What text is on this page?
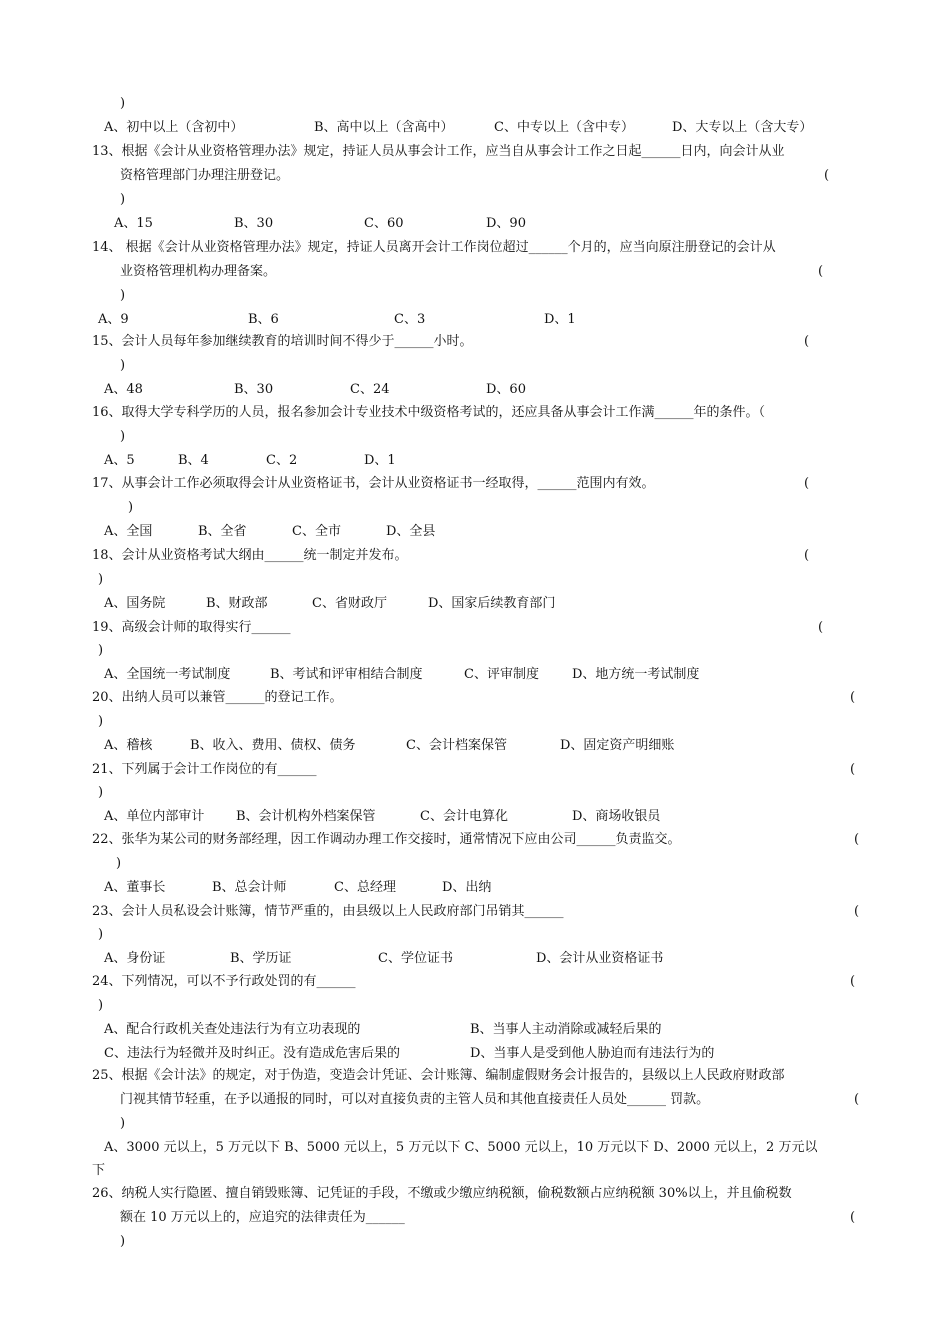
)
A、初中以上（含初中）	B、高中以上（含高中）	C、中专以上（含中专）	D、大专以上（含大专）
13、根据《会计从业资格管理办法》规定，持证人员从事会计工作，应当自从事会计工作之日起______日内，向会计从业
资格管理部门办理注册登记。	(
)
A、15	B、30	C、60	D、90
14、 根据《会计从业资格管理办法》规定，持证人员离开会计工作岗位超过______个月的，应当向原注册登记的会计从
业资格管理机构办理备案。	(
)
A、9	B、6	C、3	D、1
15、会计人员每年参加继续教育的培训时间不得少于______小时。	(
)
A、48	B、30	C、24	D、60
16、取得大学专科学历的人员，报名参加会计专业技术中级资格考试的，还应具备从事会计工作满______年的条件。（
)
A、5	B、4	C、2	D、1
17、从事会计工作必须取得会计从业资格证书，会计从业资格证书一经取得，______范围内有效。	(
)
A、全国	B、全省	C、全市	D、全县
18、会计从业资格考试大纲由______统一制定并发布。	(
)
A、国务院	B、财政部	C、省财政厅	D、国家后续教育部门
19、高级会计师的取得实行______	(
)
A、全国统一考试制度	B、考试和评审相结合制度	C、评审制度	D、地方统一考试制度
20、出纳人员可以兼管______的登记工作。	(
)
A、稽核	B、收入、费用、债权、债务	C、会计档案保管	D、固定资产明细账
21、下列属于会计工作岗位的有______	(
)
A、单位内部审计 B、会计机构外档案保管	C、会计电算化	D、商场收银员
22、张华为某公司的财务部经理，因工作调动办理工作交接时，通常情况下应由公司______负责监交。	(
)
A、董事长	B、总会计师	C、总经理	D、出纳
23、会计人员私设会计账簿，情节严重的，由县级以上人民政府部门吊销其______	(
)
A、身份证	B、学历证	C、学位证书	D、会计从业资格证书
24、下列情况，可以不予行政处罚的有______	(
)
A、配合行政机关查处违法行为有立功表现的	B、当事人主动消除或减轻后果的
C、违法行为轻微并及时纠正。没有造成危害后果的	D、当事人是受到他人胁迫而有违法行为的
25、根据《会计法》的规定，对于伪造，变造会计凭证、会计账簿、编制虚假财务会计报告的，县级以上人民政府财政部
门视其情节轻重，在予以通报的同时，可以对直接负责的主管人员和其他直接责任人员处______ 罚款。	(
)
A、3000 元以上，5 万元以下 B、5000 元以上，5 万元以下 C、5000 元以上，10 万元以下 D、2000 元以上，2 万元以
下
26、纳税人实行隐匿、擅自销毁账簿、记凭证的手段，不缴或少缴应纳税额，偷税数额占应纳税额 30%以上，并且偷税数
额在 10 万元以上的，应追究的法律责任为______	(
)
